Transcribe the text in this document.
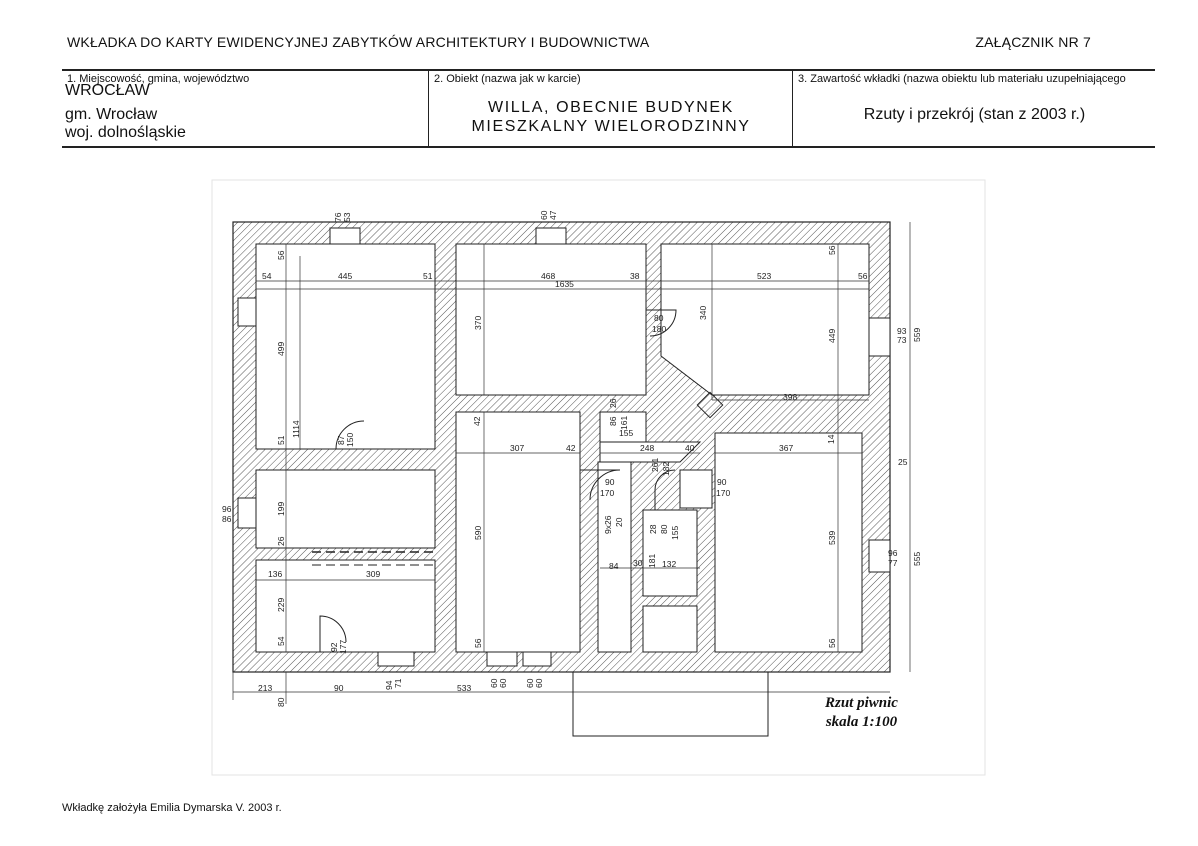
WKŁADKA DO KARTY EWIDENCYJNEJ ZABYTKÓW ARCHITEKTURY I BUDOWNICTWA	ZAŁĄCZNIK NR 7
1. Miejscowość, gmina, województwo
WROCŁAW
gm. Wrocław
woj. dolnośląskie
2. Obiekt (nazwa jak w karcie)
WILLA, OBECNIE BUDYNEK
MIESZKALNY WIELORODZINNY
3. Zawartość wkładki (nazwa obiektu lub materiału uzupełniającego
Rzuty i przekrój (stan z 2003 r.)
54	445	51	468	38
1635
523	56
56
56
76 53	60 47
499
370	80
180
340
449	93
73 559
398
1114
51	87 150
86 161
26
155
42
307	42	248	40
14
367
25
261 182
90
170
90
170
96
86
199
26
590	9x26 20
28 80 155	539
96
77 555
136	309
84 30 181 132
229
54
92 177	56	56
213
80
90	94 71	533 60 60 60 60
Rzut piwnic
skala 1:100
Wkładkę założyła Emilia Dymarska V. 2003 r.
